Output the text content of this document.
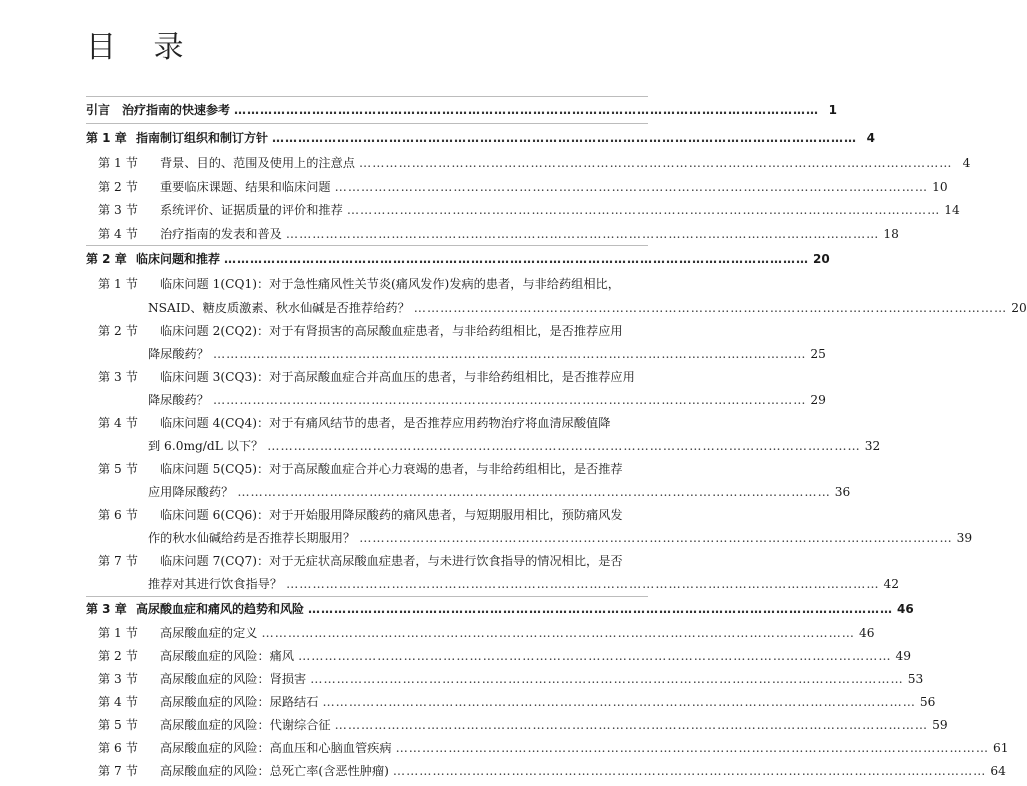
目 录
引言 治疗指南的快速参考 ……………………………………………………………………………………………………………………… 1
第 1 章 指南制订组织和制订方针 ……………………………………………………………………………………………………………………… 4
第 1 节	背景、目的、范围及使用上的注意点 ……………………………………………………………………………………………………………………… 4
第 2 节	重要临床课题、结果和临床问题 ……………………………………………………………………………………………………………………… 10
第 3 节	系统评价、证据质量的评价和推荐 ……………………………………………………………………………………………………………………… 14
第 4 节	治疗指南的发表和普及 ……………………………………………………………………………………………………………………… 18
第 2 章 临床问题和推荐 ……………………………………………………………………………………………………………………… 20
第 1 节	临床问题 1(CQ1)：对于急性痛风性关节炎(痛风发作)发病的患者，与非给药组相比，
NSAID、糖皮质激素、秋水仙碱是否推荐给药？ ……………………………………………………………………………………………………………………… 20
第 2 节	临床问题 2(CQ2)：对于有肾损害的高尿酸血症患者，与非给药组相比，是否推荐应用
降尿酸药？ ……………………………………………………………………………………………………………………… 25
第 3 节	临床问题 3(CQ3)：对于高尿酸血症合并高血压的患者，与非给药组相比，是否推荐应用
降尿酸药？ ……………………………………………………………………………………………………………………… 29
第 4 节	临床问题 4(CQ4)：对于有痛风结节的患者，是否推荐应用药物治疗将血清尿酸值降
到 6.0mg/dL 以下？ ……………………………………………………………………………………………………………………… 32
第 5 节	临床问题 5(CQ5)：对于高尿酸血症合并心力衰竭的患者，与非给药组相比，是否推荐
应用降尿酸药？ ……………………………………………………………………………………………………………………… 36
第 6 节	临床问题 6(CQ6)：对于开始服用降尿酸药的痛风患者，与短期服用相比，预防痛风发
作的秋水仙碱给药是否推荐长期服用？ ……………………………………………………………………………………………………………………… 39
第 7 节	临床问题 7(CQ7)：对于无症状高尿酸血症患者，与未进行饮食指导的情况相比，是否
推荐对其进行饮食指导？ ……………………………………………………………………………………………………………………… 42
第 3 章 高尿酸血症和痛风的趋势和风险 ……………………………………………………………………………………………………………………… 46
第 1 节	高尿酸血症的定义 ……………………………………………………………………………………………………………………… 46
第 2 节	高尿酸血症的风险：痛风 ……………………………………………………………………………………………………………………… 49
第 3 节	高尿酸血症的风险：肾损害 ……………………………………………………………………………………………………………………… 53
第 4 节	高尿酸血症的风险：尿路结石 ……………………………………………………………………………………………………………………… 56
第 5 节	高尿酸血症的风险：代谢综合征 ……………………………………………………………………………………………………………………… 59
第 6 节	高尿酸血症的风险：高血压和心脑血管疾病 ……………………………………………………………………………………………………………………… 61
第 7 节	高尿酸血症的风险：总死亡率(含恶性肿瘤) ……………………………………………………………………………………………………………………… 64
